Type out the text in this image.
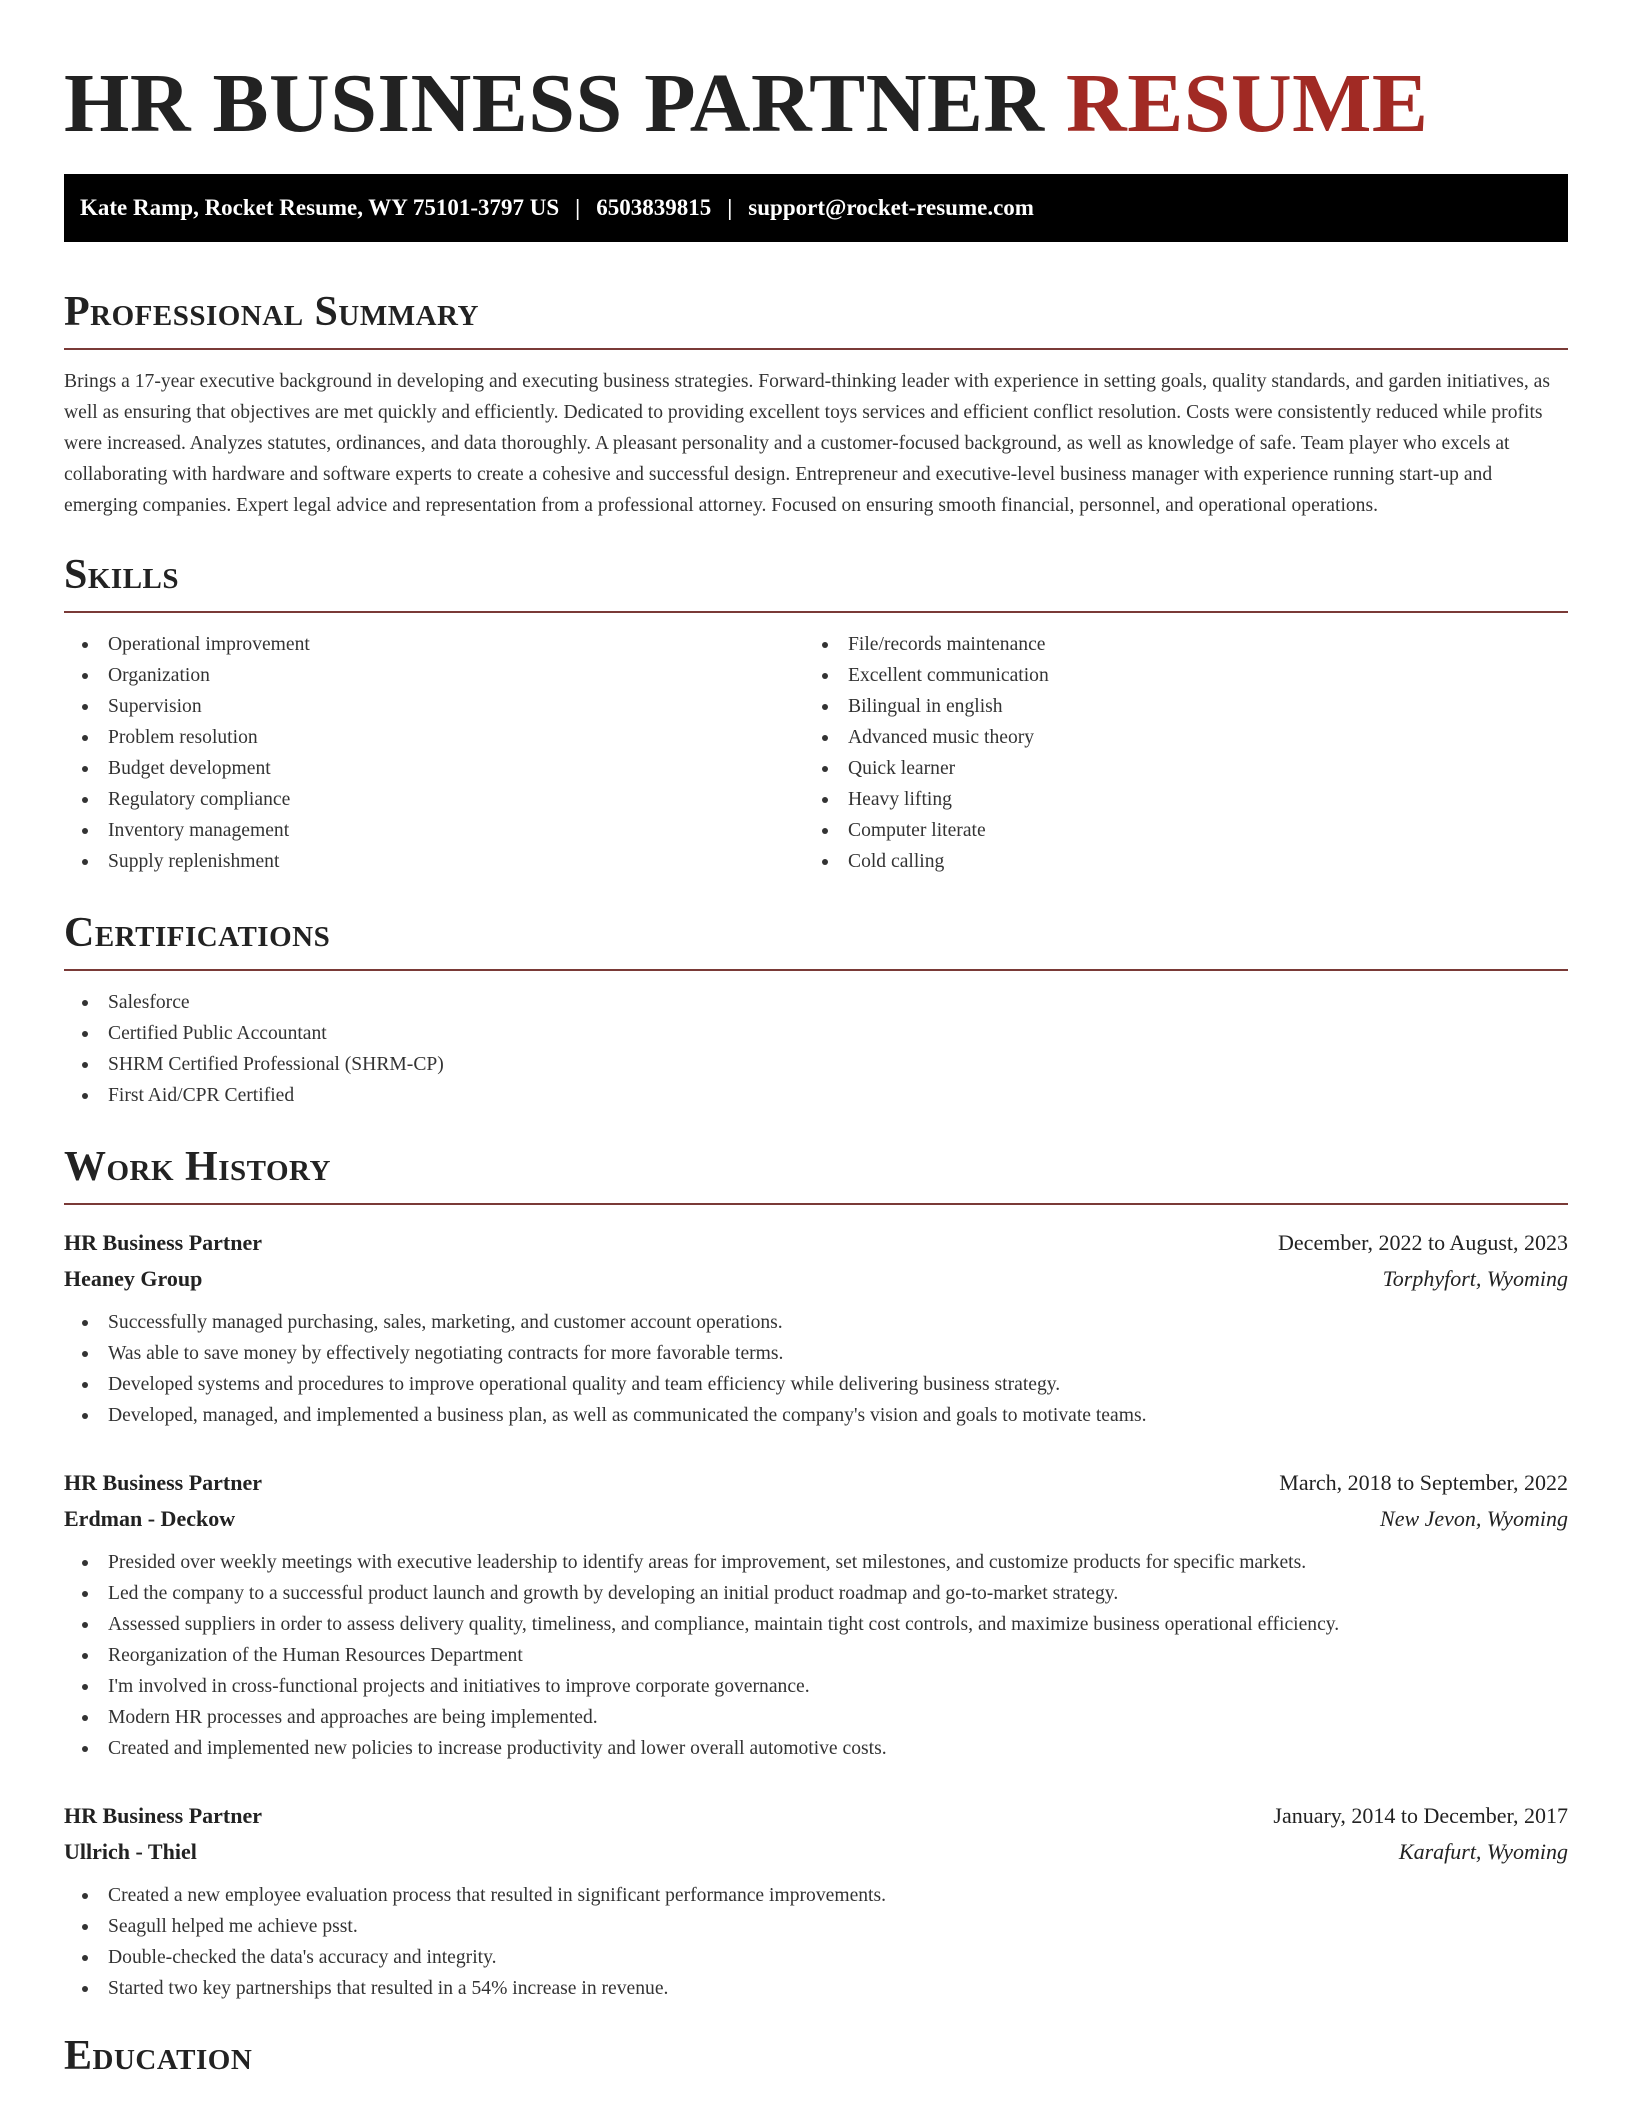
HR BUSINESS PARTNER RESUME
Kate Ramp, Rocket Resume, WY 75101-3797 US | 6503839815 | support@rocket-resume.com
Professional Summary

Brings a 17-year executive background in developing and executing business strategies. Forward-thinking leader with experience in setting goals, quality standards, and garden initiatives, as well as ensuring that objectives are met quickly and efficiently. Dedicated to providing excellent toys services and efficient conflict resolution. Costs were consistently reduced while profits were increased. Analyzes statutes, ordinances, and data thoroughly. A pleasant personality and a customer-focused background, as well as knowledge of safe. Team player who excels at collaborating with hardware and software experts to create a cohesive and successful design. Entrepreneur and executive-level business manager with experience running start-up and emerging companies. Expert legal advice and representation from a professional attorney. Focused on ensuring smooth financial, personnel, and operational operations.

Skills
Operational improvement
Organization
Supervision
Problem resolution
Budget development
Regulatory compliance
Inventory management
Supply replenishment
File/records maintenance
Excellent communication
Bilingual in english
Advanced music theory
Quick learner
Heavy lifting
Computer literate
Cold calling
Certifications
Salesforce
Certified Public Accountant
SHRM Certified Professional (SHRM-CP)
First Aid/CPR Certified
Work History
HR Business Partner	December, 2022 to August, 2023
Heaney Group	Torphyfort, Wyoming
Successfully managed purchasing, sales, marketing, and customer account operations.
Was able to save money by effectively negotiating contracts for more favorable terms.
Developed systems and procedures to improve operational quality and team efficiency while delivering business strategy.
Developed, managed, and implemented a business plan, as well as communicated the company's vision and goals to motivate teams.
HR Business Partner	March, 2018 to September, 2022
Erdman - Deckow	New Jevon, Wyoming
Presided over weekly meetings with executive leadership to identify areas for improvement, set milestones, and customize products for specific markets.
Led the company to a successful product launch and growth by developing an initial product roadmap and go-to-market strategy.
Assessed suppliers in order to assess delivery quality, timeliness, and compliance, maintain tight cost controls, and maximize business operational efficiency.
Reorganization of the Human Resources Department
I'm involved in cross-functional projects and initiatives to improve corporate governance.
Modern HR processes and approaches are being implemented.
Created and implemented new policies to increase productivity and lower overall automotive costs.
HR Business Partner	January, 2014 to December, 2017
Ullrich - Thiel	Karafurt, Wyoming
Created a new employee evaluation process that resulted in significant performance improvements.
Seagull helped me achieve psst.
Double-checked the data's accuracy and integrity.
Started two key partnerships that resulted in a 54% increase in revenue.
Education
